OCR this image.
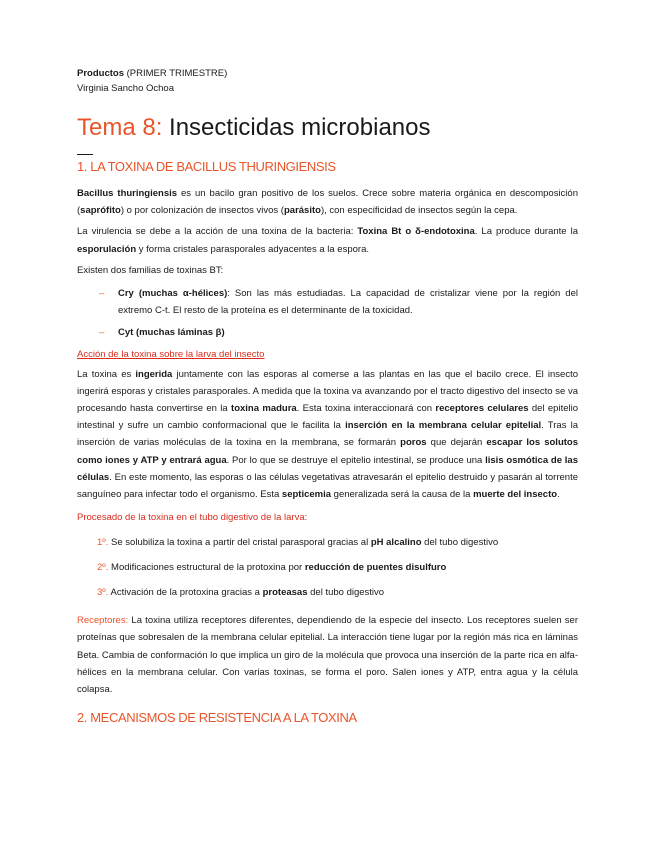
Productos (PRIMER TRIMESTRE)
Virginia Sancho Ochoa
Tema 8: Insecticidas microbianos
1. LA TOXINA DE BACILLUS THURINGIENSIS

Bacillus thuringiensis es un bacilo gran positivo de los suelos. Crece sobre materia orgánica en descomposición (saprófito) o por colonización de insectos vivos (parásito), con especificidad de insectos según la cepa.

La virulencia se debe a la acción de una toxina de la bacteria: Toxina Bt o δ-endotoxina. La produce durante la esporulación y forma cristales parasporales adyacentes a la espora.

Existen dos familias de toxinas BT:

– Cry (muchas α-hélices): Son las más estudiadas. La capacidad de cristalizar viene por la región del extremo C-t. El resto de la proteína es el determinante de la toxicidad.
– Cyt (muchas láminas β)
Acción de la toxina sobre la larva del insecto

La toxina es ingerida juntamente con las esporas al comerse a las plantas en las que el bacilo crece. El insecto ingerirá esporas y cristales parasporales. A medida que la toxina va avanzando por el tracto digestivo del insecto se va procesando hasta convertirse en la toxina madura. Esta toxina interaccionará con receptores celulares del epitelio intestinal y sufre un cambio conformacional que le facilita la inserción en la membrana celular epitelial. Tras la inserción de varias moléculas de la toxina en la membrana, se formarán poros que dejarán escapar los solutos como iones y ATP y entrará agua. Por lo que se destruye el epitelio intestinal, se produce una lisis osmótica de las células. En este momento, las esporas o las células vegetativas atravesarán el epitelio destruido y pasarán al torrente sanguíneo para infectar todo el organismo. Esta septicemia generalizada será la causa de la muerte del insecto.

Procesado de la toxina en el tubo digestivo de la larva:
1º. Se solubiliza la toxina a partir del cristal parasporal gracias al pH alcalino del tubo digestivo
2º. Modificaciones estructural de la protoxina por reducción de puentes disulfuro
3º. Activación de la protoxina gracias a proteasas del tubo digestivo

Receptores: La toxina utiliza receptores diferentes, dependiendo de la especie del insecto. Los receptores suelen ser proteínas que sobresalen de la membrana celular epitelial. La interacción tiene lugar por la región más rica en láminas Beta. Cambia de conformación lo que implica un giro de la molécula que provoca una inserción de la parte rica en alfa-hélices en la membrana celular. Con varias toxinas, se forma el poro. Salen iones y ATP, entra agua y la célula colapsa.

2. MECANISMOS DE RESISTENCIA A LA TOXINA
